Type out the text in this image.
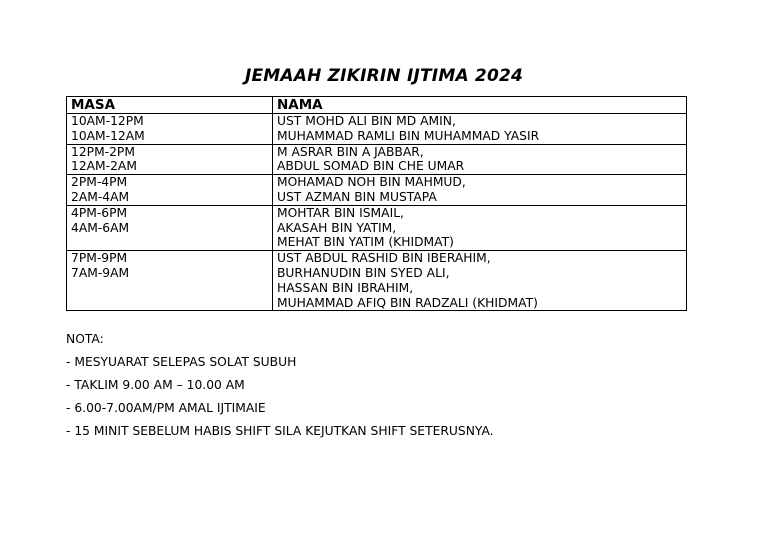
JEMAAH ZIKIRIN IJTIMA 2024
MASA	NAMA

10AM-12PM
10AM-12AM	UST MOHD ALI BIN MD AMIN,
MUHAMMAD RAMLI BIN MUHAMMAD YASIR

12PM-2PM
12AM-2AM	M ASRAR BIN A JABBAR,
ABDUL SOMAD BIN CHE UMAR

2PM-4PM
2AM-4AM	MOHAMAD NOH BIN MAHMUD,
UST AZMAN BIN MUSTAPA

4PM-6PM
4AM-6AM	MOHTAR BIN ISMAIL,
AKASAH BIN YATIM,
MEHAT BIN YATIM (KHIDMAT)

7PM-9PM
7AM-9AM	UST ABDUL RASHID BIN IBERAHIM,
BURHANUDIN BIN SYED ALI,
HASSAN BIN IBRAHIM,
MUHAMMAD AFIQ BIN RADZALI (KHIDMAT)
NOTA:
- MESYUARAT SELEPAS SOLAT SUBUH
- TAKLIM 9.00 AM – 10.00 AM
- 6.00-7.00AM/PM AMAL IJTIMAIE
- 15 MINIT SEBELUM HABIS SHIFT SILA KEJUTKAN SHIFT SETERUSNYA.
